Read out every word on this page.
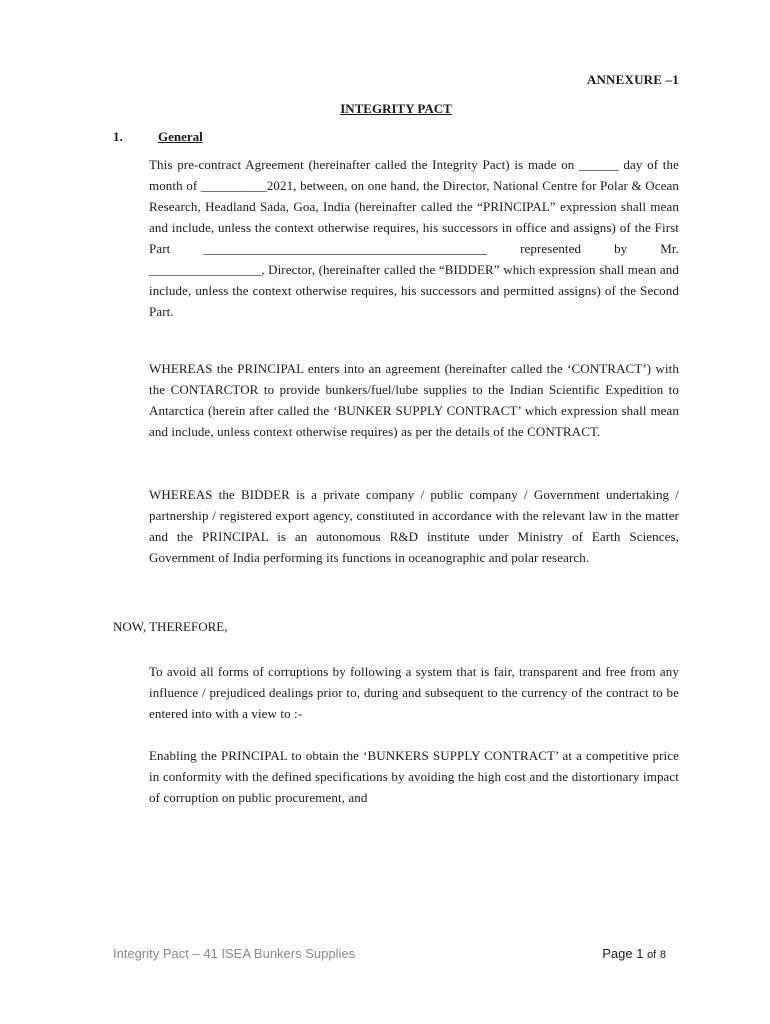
ANNEXURE –1
INTEGRITY PACT
1.	General
This pre-contract Agreement (hereinafter called the Integrity Pact) is made on ______ day of the month of __________2021, between, on one hand, the Director, National Centre for Polar & Ocean Research, Headland Sada, Goa, India (hereinafter called the “PRINCIPAL” expression shall mean and include, unless the context otherwise requires, his successors in office and assigns) of the First Part ___________________________________________ represented by Mr. _________________, Director, (hereinafter called the “BIDDER” which expression shall mean and include, unless the context otherwise requires, his successors and permitted assigns) of the Second Part.
WHEREAS the PRINCIPAL enters into an agreement (hereinafter called the ‘CONTRACT’) with the CONTARCTOR to provide bunkers/fuel/lube supplies to the Indian Scientific Expedition to Antarctica (herein after called the ‘BUNKER SUPPLY CONTRACT’ which expression shall mean and include, unless context otherwise requires) as per the details of the CONTRACT.
WHEREAS the BIDDER is a private company / public company / Government undertaking / partnership / registered export agency, constituted in accordance with the relevant law in the matter and the PRINCIPAL is an autonomous R&D institute under Ministry of Earth Sciences, Government of India performing its functions in oceanographic and polar research.
NOW, THEREFORE,
To avoid all forms of corruptions by following a system that is fair, transparent and free from any influence / prejudiced dealings prior to, during and subsequent to the currency of the contract to be entered into with a view to :-
Enabling the PRINCIPAL to obtain the ‘BUNKERS SUPPLY CONTRACT’ at a competitive price in conformity with the defined specifications by avoiding the high cost and the distortionary impact of corruption on public procurement, and
Integrity Pact – 41 ISEA Bunkers Supplies	Page 1 of 8
